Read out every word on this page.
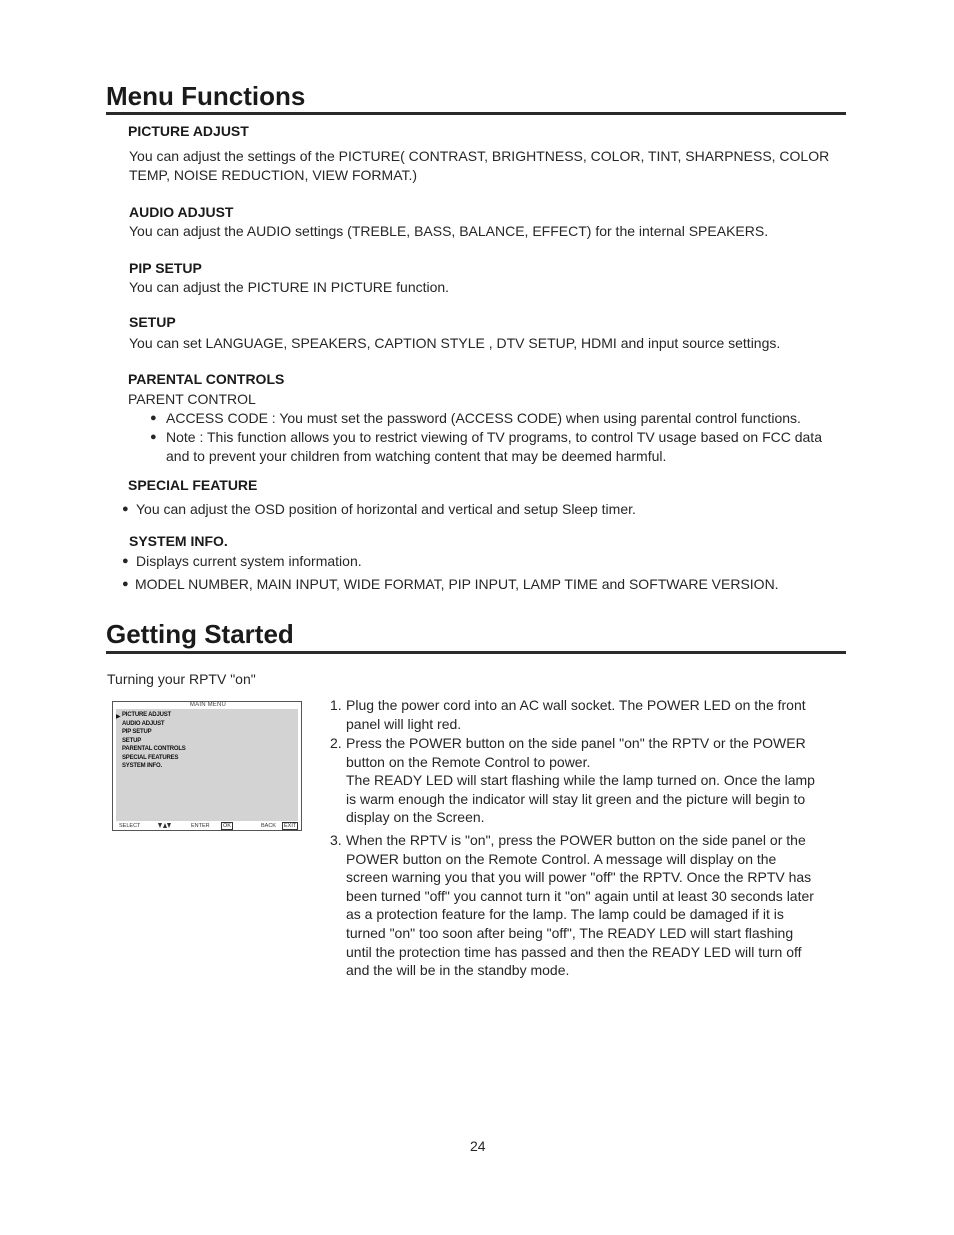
Menu Functions
PICTURE ADJUST
You can adjust the settings of the PICTURE( CONTRAST, BRIGHTNESS, COLOR, TINT, SHARPNESS, COLOR TEMP, NOISE REDUCTION, VIEW FORMAT.)
AUDIO ADJUST
You can adjust the AUDIO settings (TREBLE, BASS, BALANCE, EFFECT) for the internal SPEAKERS.
PIP SETUP
You can adjust the PICTURE IN PICTURE function.
SETUP
You can set LANGUAGE, SPEAKERS, CAPTION STYLE , DTV SETUP, HDMI and input source settings.
PARENTAL CONTROLS
PARENT CONTROL
● ACCESS CODE : You must set the password (ACCESS CODE) when using parental control functions.
● Note : This function allows you to restrict viewing of TV programs, to control TV usage based on FCC data and to prevent your children from watching content that may be deemed harmful.
SPECIAL FEATURE
● You can adjust the OSD position of horizontal and vertical and setup Sleep timer.
SYSTEM INFO.
● Displays current system information.
● MODEL NUMBER, MAIN INPUT, WIDE FORMAT, PIP INPUT, LAMP TIME and SOFTWARE VERSION.
Getting Started
Turning your RPTV "on"
MAIN MENU
▶ PICTURE ADJUST
AUDIO ADJUST
PIP SETUP
SETUP
PARENTAL CONTROLS
SPECIAL FEATURES
SYSTEM INFO.
SELECT	ENTER	OK	BACK	EXIT
1. Plug the power cord into an AC wall socket. The POWER LED on the front panel will light red.
2. Press the POWER button on the side panel "on" the RPTV or the POWER button on the Remote Control to power.
The READY LED will start flashing while the lamp turned on. Once the lamp is warm enough the indicator will stay lit green and the picture will begin to display on the Screen.
3. When the RPTV is "on", press the POWER button on the side panel or the POWER button on the Remote Control. A message will display on the screen warning you that you will power "off" the RPTV. Once the RPTV has been turned "off" you cannot turn it "on" again until at least 30 seconds later as a protection feature for the lamp. The lamp could be damaged if it is turned "on" too soon after being "off", The READY LED will start flashing until the protection time has passed and then the READY LED will turn off and the will be in the standby mode.
24
